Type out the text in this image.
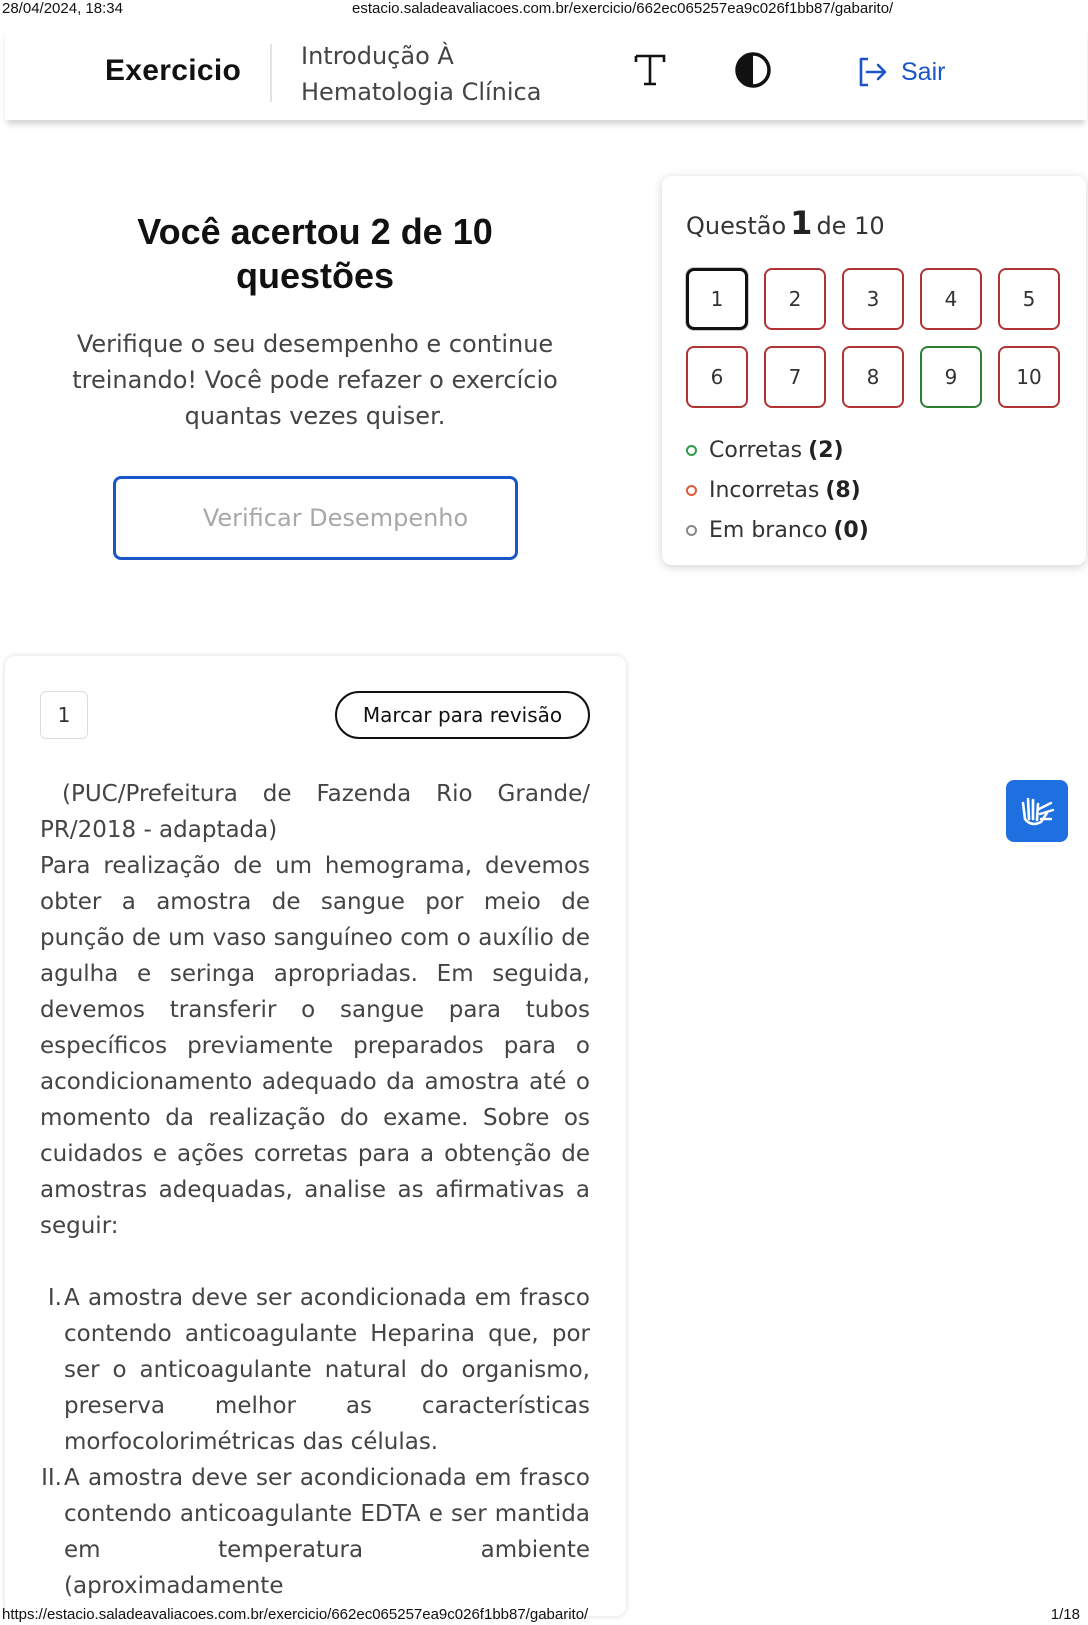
28/04/2024, 18:34	estacio.saladeavaliacoes.com.br/exercicio/662ec065257ea9c026f1bb87/gabarito/
Exercicio Introdução À Hematologia Clínica
Sair
Você acertou 2 de 10 questões
Verifique o seu desempenho e continue treinando! Você pode refazer o exercício quantas vezes quiser.
Verificar Desempenho
Questão 1 de 10
1	2	3	4	5
6	7	8	9	10
Corretas (2)
Incorretas (8)
Em branco (0)
1	Marcar para revisão
(PUC/Prefeitura de Fazenda Rio Grande/ PR/2018 - adaptada)
Para realização de um hemograma, devemos obter a amostra de sangue por meio de punção de um vaso sanguíneo com o auxílio de agulha e seringa apropriadas. Em seguida, devemos transferir o sangue para tubos específicos previamente preparados para o acondicionamento adequado da amostra até o momento da realização do exame. Sobre os cuidados e ações corretas para a obtenção de amostras adequadas, analise as afirmativas a seguir:
I. A amostra deve ser acondicionada em frasco contendo anticoagulante Heparina que, por ser o anticoagulante natural do organismo, preserva melhor as características morfocolorimétricas das células.
II. A amostra deve ser acondicionada em frasco contendo anticoagulante EDTA e ser mantida em temperatura ambiente (aproximadamente
https://estacio.saladeavaliacoes.com.br/exercicio/662ec065257ea9c026f1bb87/gabarito/	1/18
